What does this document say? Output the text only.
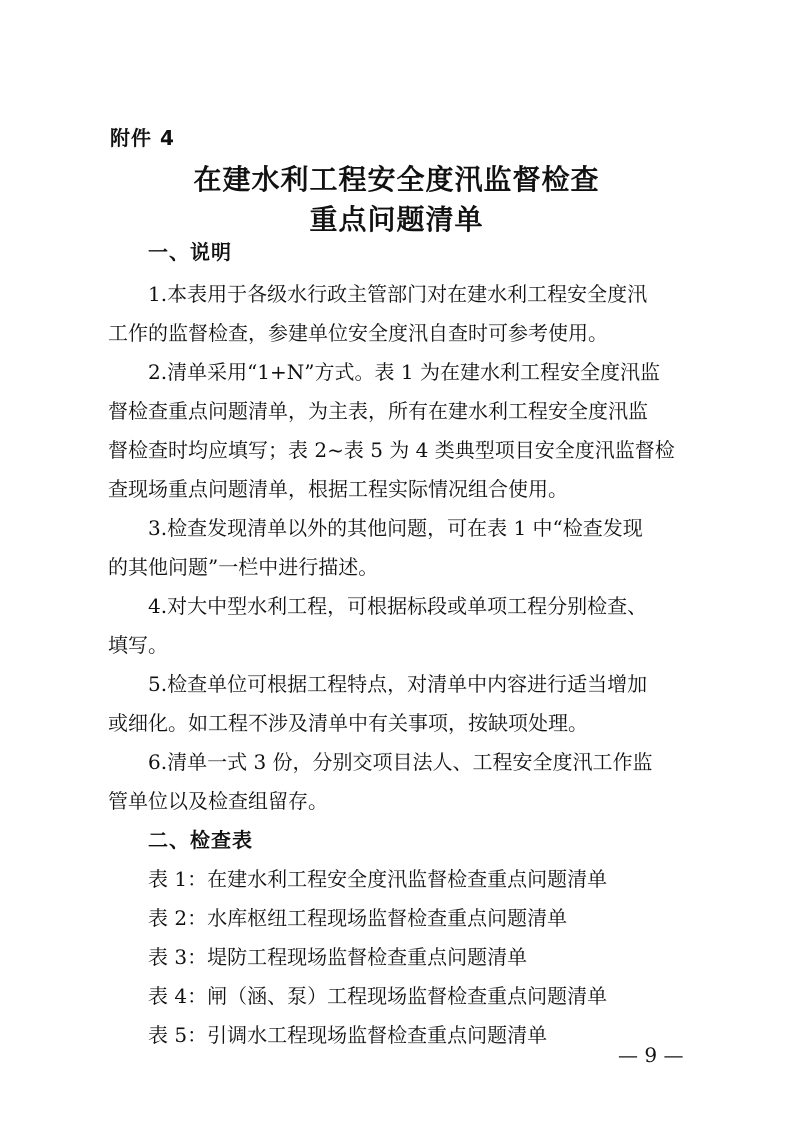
附件 4
在建水利工程安全度汛监督检查
重点问题清单
一、说明
1.本表用于各级水行政主管部门对在建水利工程安全度汛
工作的监督检查，参建单位安全度汛自查时可参考使用。
2.清单采用“1+N”方式。表 1 为在建水利工程安全度汛监
督检查重点问题清单，为主表，所有在建水利工程安全度汛监
督检查时均应填写；表 2~表 5 为 4 类典型项目安全度汛监督检
查现场重点问题清单，根据工程实际情况组合使用。
3.检查发现清单以外的其他问题，可在表 1 中“检查发现
的其他问题”一栏中进行描述。
4.对大中型水利工程，可根据标段或单项工程分别检查、
填写。
5.检查单位可根据工程特点，对清单中内容进行适当增加
或细化。如工程不涉及清单中有关事项，按缺项处理。
6.清单一式 3 份，分别交项目法人、工程安全度汛工作监
管单位以及检查组留存。
二、检查表
表 1：在建水利工程安全度汛监督检查重点问题清单
表 2：水库枢纽工程现场监督检查重点问题清单
表 3：堤防工程现场监督检查重点问题清单
表 4：闸（涵、泵）工程现场监督检查重点问题清单
表 5：引调水工程现场监督检查重点问题清单
— 9 —
